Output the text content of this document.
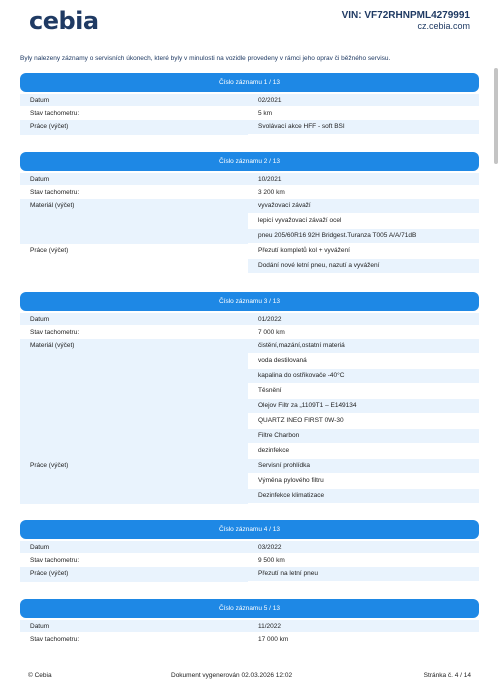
cebia	VIN: VF72RHNPML4279991
cz.cebia.com
Byly nalezeny záznamy o servisních úkonech, které byly v minulosti na vozidle provedeny v rámci jeho oprav či běžného servisu.
Číslo záznamu 1 / 13
Datum	02/2021
Stav tachometru:	5 km
Práce (výčet)	Svolávací akce HFF - soft BSI
Číslo záznamu 2 / 13
Datum	10/2021
Stav tachometru:	3 200 km
Materiál (výčet)	vyvažovací závaží
lepicí vyvažovací závaží ocel
pneu 205/60R16 92H Bridgest.Turanza T005 A/A/71dB
Práce (výčet)	Přezutí kompletů kol + vyvážení
Dodání nové letní pneu, nazutí a vyvážení
Číslo záznamu 3 / 13
Datum	01/2022
Stav tachometru:	7 000 km
Materiál (výčet)	čistění,mazání,ostatní materiá
voda destilovaná
kapalina do ostřikovače -40°C
Těsnění
Olejov Filtr za „1109T1 – E149134
QUARTZ INEO FIRST 0W-30
Filtre Charbon
dezinfekce
Práce (výčet)	Servisní prohlídka
Výměna pylového filtru
Dezinfekce klimatizace
Číslo záznamu 4 / 13
Datum	03/2022
Stav tachometru:	9 500 km
Práce (výčet)	Přezutí na letní pneu
Číslo záznamu 5 / 13
Datum	11/2022
Stav tachometru:	17 000 km
© Cebia	Dokument vygenerován 02.03.2026 12:02	Stránka č. 4 / 14
